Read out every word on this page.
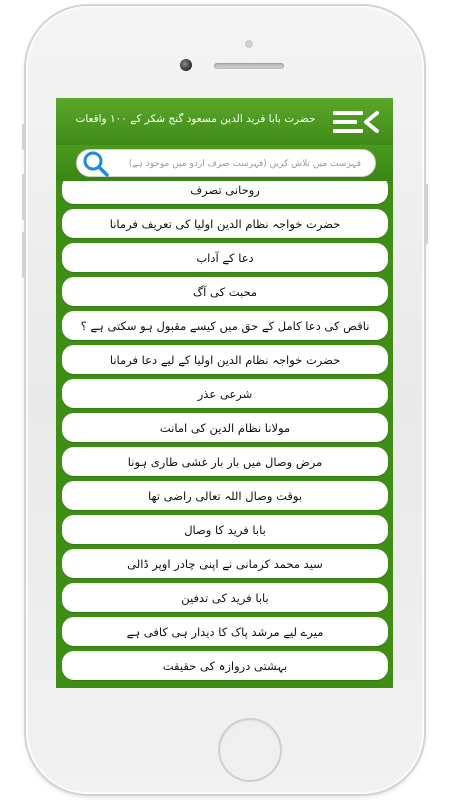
حضرت بابا فرید الدین مسعود گنج شکر کے ۱۰۰ واقعات
فہرست میں تلاش کریں (فہرست صرف اردو میں موجود ہے)
روحانی تصرف
حضرت خواجہ نظام الدین اولیا کی تعریف فرمانا
دعا کے آداب
محبت کی آگ
ناقص کی دعا کامل کے حق میں کیسے مقبول ہو سکتی ہے ؟
حضرت خواجہ نظام الدین اولیا کے لیے دعا فرمانا
شرعی عذر
مولانا نظام الدین کی امانت
مرض وصال میں بار بار غشی طاری ہونا
بوقت وصال اللہ تعالی راضی تھا
بابا فرید کا وصال
سید محمد کرمانی نے اپنی چادر اوپر ڈالی
بابا فرید کی تدفین
میرے لیے مرشد پاک کا دیدار ہی کافی ہے
بہشتی دروازہ کی حقیقت
